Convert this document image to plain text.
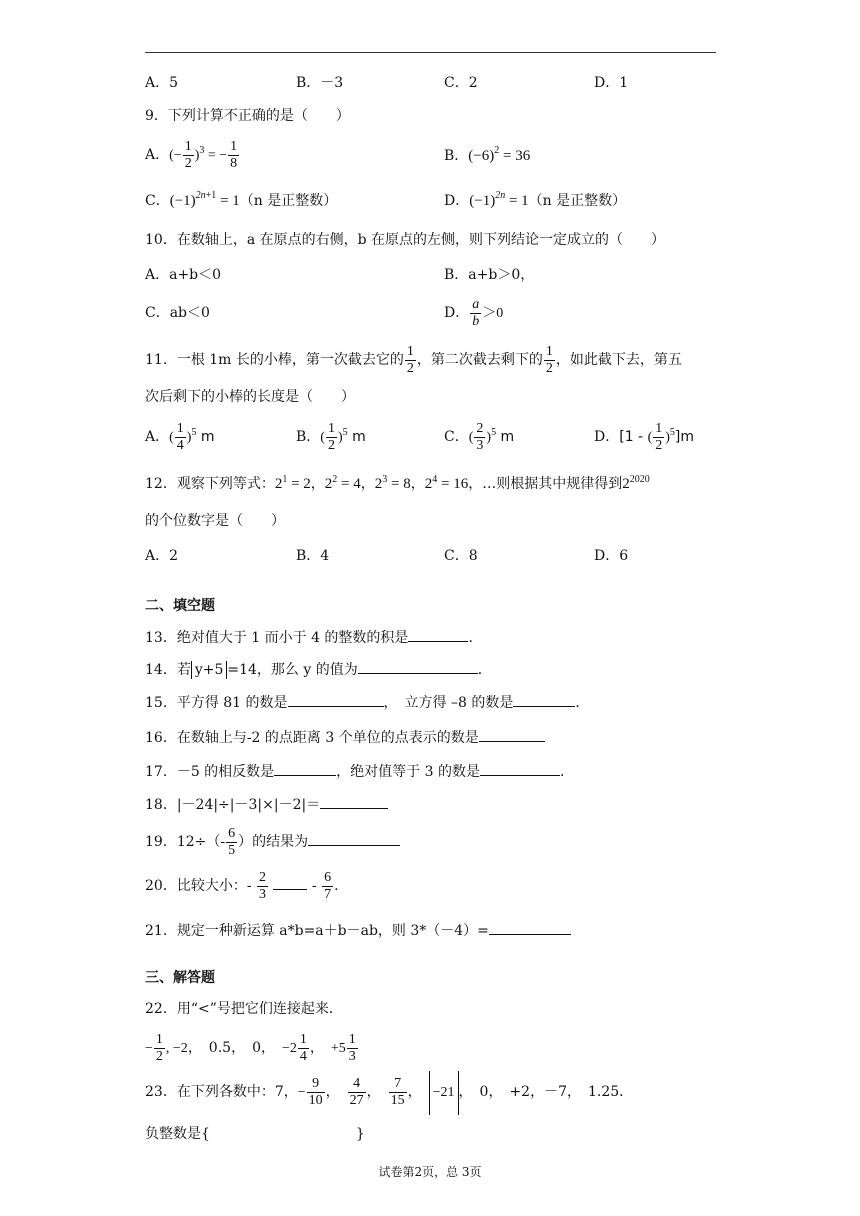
A．5	B．－3	C．2	D．1
9．下列计算不正确的是（　　）
A．(− $\frac{1}{2} )^3$ = − $\frac{1}{8}$	B．$(-6)^2 = 36$
C．$(-1)^{2n+1} = 1(n$ 是正整数）	D．$(-1)^{2n} = 1(n$ 是正整数）
10．在数轴上，a 在原点的右侧，b 在原点的左侧，则下列结论一定成立的（　　）
A．a+b＜0	B．a+b＞0，
C．ab＜0	D． $\frac{a}{b} >0$
11．一根 1m 长的小棒，第一次截去它的 $\frac{1}{2}$ ，第二次截去剩下的 $\frac{1}{2}$ ，如此截下去，第五
次后剩下的小棒的长度是（　　）
A．( $\frac{1}{4} )^5$ m	B．( $\frac{1}{2} )^5$ m	C．( $\frac{2}{3} )^5$ m	D．[1 - ( $\frac{1}{2} )^5]m$
12．观察下列等式：$2^1 = 2$，$2^2 = 4$，$2^3 = 8$，$2^4 = 16$，…则根据其中规律得到$2^{2020}$
的个位数字是（　　）
A．2	B．4	C．8	D．6
二、填空题
13．绝对值大于 1 而小于 4 的整数的积是	．
14．若 y+5 =14，那么 y 的值为	．
15．平方得 81 的数是	，　立方得 –8 的数是	．
16．在数轴上与-2 的点距离 3 个单位的点表示的数是
17．－5 的相反数是	，绝对值等于 3 的数是	．
18．|－24|÷|－3|×|－2|＝
19．$12\div(- \frac{6}{5}$ ）的结果为
20．比较大小：- $\frac{2}{3}$	- $\frac{6}{7}$ .
21．规定一种新运算 a*b=a＋b－ab，则 3*（－4）=
三、解答题
22．用“<”号把它们连接起来．
− $\frac{1}{2}$ , −2，　0.5，　0，　$-2 \frac{1}{4}$ ，　$+5 \frac{1}{3}$
23．在下列各数中：7，− $\frac{9}{10}$ ，　 $\frac{4}{27}$ ，　 $\frac{7}{15}$ ，　−21 ，　0，　+2，－7，　1.25．
负整数是{	}
试卷第2页，总 3页
